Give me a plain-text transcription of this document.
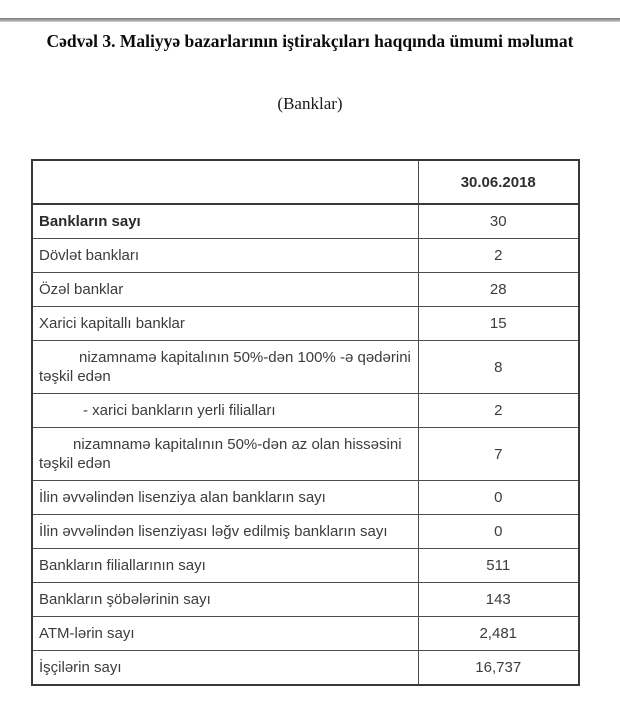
Cədvəl 3. Maliyyə bazarlarının iştirakçıları haqqında ümumi məlumat
(Banklar)
	30.06.2018
Bankların sayı	30
Dövlət bankları	2
Özəl banklar	28
Xarici kapitallı banklar	15
nizamnamə kapitalının 50%-dən 100% -ə qədərini təşkil edən	8
- xarici bankların yerli filialları	2
nizamnamə kapitalının 50%-dən az olan hissəsini təşkil edən	7
İlin əvvəlindən lisenziya alan bankların sayı	0
İlin əvvəlindən lisenziyası ləğv edilmiş bankların sayı	0
Bankların filiallarının sayı	511
Bankların şöbələrinin sayı	143
ATM-lərin sayı	2,481
İşçilərin sayı	16,737
